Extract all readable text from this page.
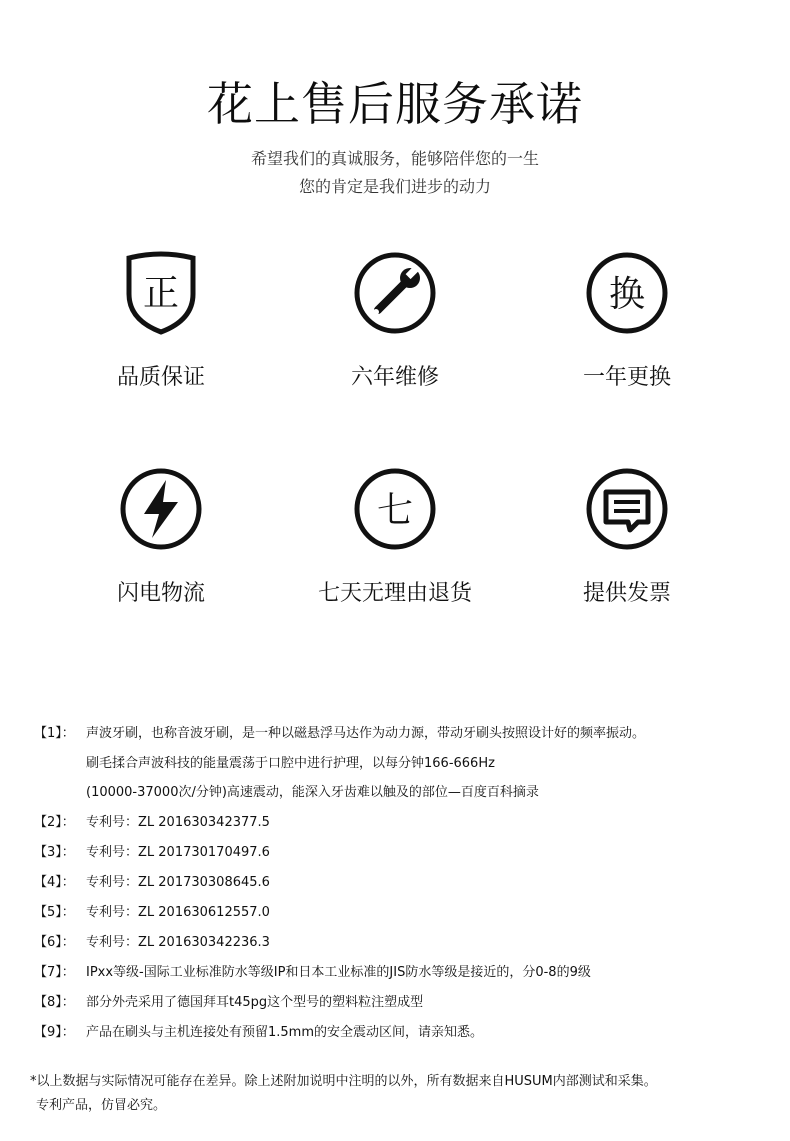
花上售后服务承诺
希望我们的真诚服务，能够陪伴您的一生
您的肯定是我们进步的动力
正	换
品质保证	六年维修	一年更换
七
闪电物流	七天无理由退货	提供发票
【1】： 声波牙刷，也称音波牙刷，是一种以磁悬浮马达作为动力源，带动牙刷头按照设计好的频率振动。
刷毛揉合声波科技的能量震荡于口腔中进行护理，以每分钟166-666Hz
(10000-37000次/分钟)高速震动，能深入牙齿难以触及的部位—百度百科摘录
【2】： 专利号：ZL 201630342377.5
【3】： 专利号：ZL 201730170497.6
【4】： 专利号：ZL 201730308645.6
【5】： 专利号：ZL 201630612557.0
【6】： 专利号：ZL 201630342236.3
【7】： IPxx等级-国际工业标准防水等级IP和日本工业标准的JIS防水等级是接近的，分0-8的9级
【8】： 部分外壳采用了德国拜耳t45pg这个型号的塑料粒注塑成型
【9】： 产品在刷头与主机连接处有预留1.5mm的安全震动区间，请亲知悉。
*以上数据与实际情况可能存在差异。除上述附加说明中注明的以外，所有数据来自HUSUM内部测试和采集。
专利产品，仿冒必究。
